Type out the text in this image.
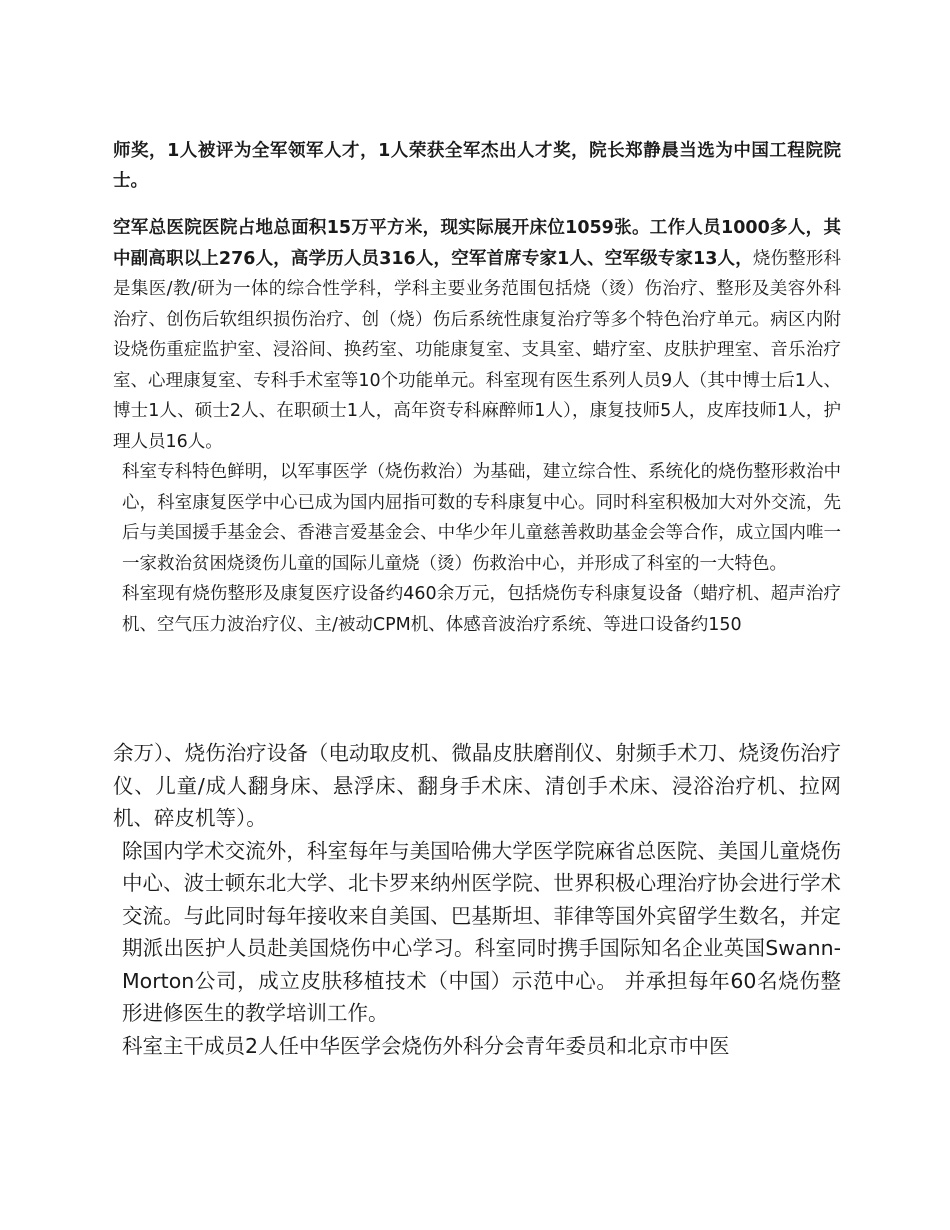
师奖，1人被评为全军领军人才，1人荣获全军杰出人才奖，院长郑静晨当选为中国工程院院士。

空军总医院医院占地总面积15万平方米，现实际展开床位1059张。工作人员1000多人，其中副高职以上276人，高学历人员316人，空军首席专家1人、空军级专家13人，烧伤整形科是集医/教/研为一体的综合性学科，学科主要业务范围包括烧（烫）伤治疗、整形及美容外科治疗、创伤后软组织损伤治疗、创（烧）伤后系统性康复治疗等多个特色治疗单元。病区内附设烧伤重症监护室、浸浴间、换药室、功能康复室、支具室、蜡疗室、皮肤护理室、音乐治疗室、心理康复室、专科手术室等10个功能单元。科室现有医生系列人员9人（其中博士后1人、博士1人、硕士2人、在职硕士1人，高年资专科麻醉师1人），康复技师5人，皮库技师1人，护理人员16人。

科室专科特色鲜明，以军事医学（烧伤救治）为基础，建立综合性、系统化的烧伤整形救治中心，科室康复医学中心已成为国内屈指可数的专科康复中心。同时科室积极加大对外交流，先后与美国援手基金会、香港言爱基金会、中华少年儿童慈善救助基金会等合作，成立国内唯一一家救治贫困烧烫伤儿童的国际儿童烧（烫）伤救治中心，并形成了科室的一大特色。

科室现有烧伤整形及康复医疗设备约460余万元，包括烧伤专科康复设备（蜡疗机、超声治疗机、空气压力波治疗仪、主/被动CPM机、体感音波治疗系统、等进口设备约150

余万）、烧伤治疗设备（电动取皮机、微晶皮肤磨削仪、射频手术刀、烧烫伤治疗仪、儿童/成人翻身床、悬浮床、翻身手术床、清创手术床、浸浴治疗机、拉网机、碎皮机等）。

除国内学术交流外，科室每年与美国哈佛大学医学院麻省总医院、美国儿童烧伤中心、波士顿东北大学、北卡罗来纳州医学院、世界积极心理治疗协会进行学术交流。与此同时每年接收来自美国、巴基斯坦、菲律等国外宾留学生数名，并定期派出医护人员赴美国烧伤中心学习。科室同时携手国际知名企业英国Swann-Morton公司，成立皮肤移植技术（中国）示范中心。 并承担每年60名烧伤整形进修医生的教学培训工作。

科室主干成员2人任中华医学会烧伤外科分会青年委员和北京市中医
